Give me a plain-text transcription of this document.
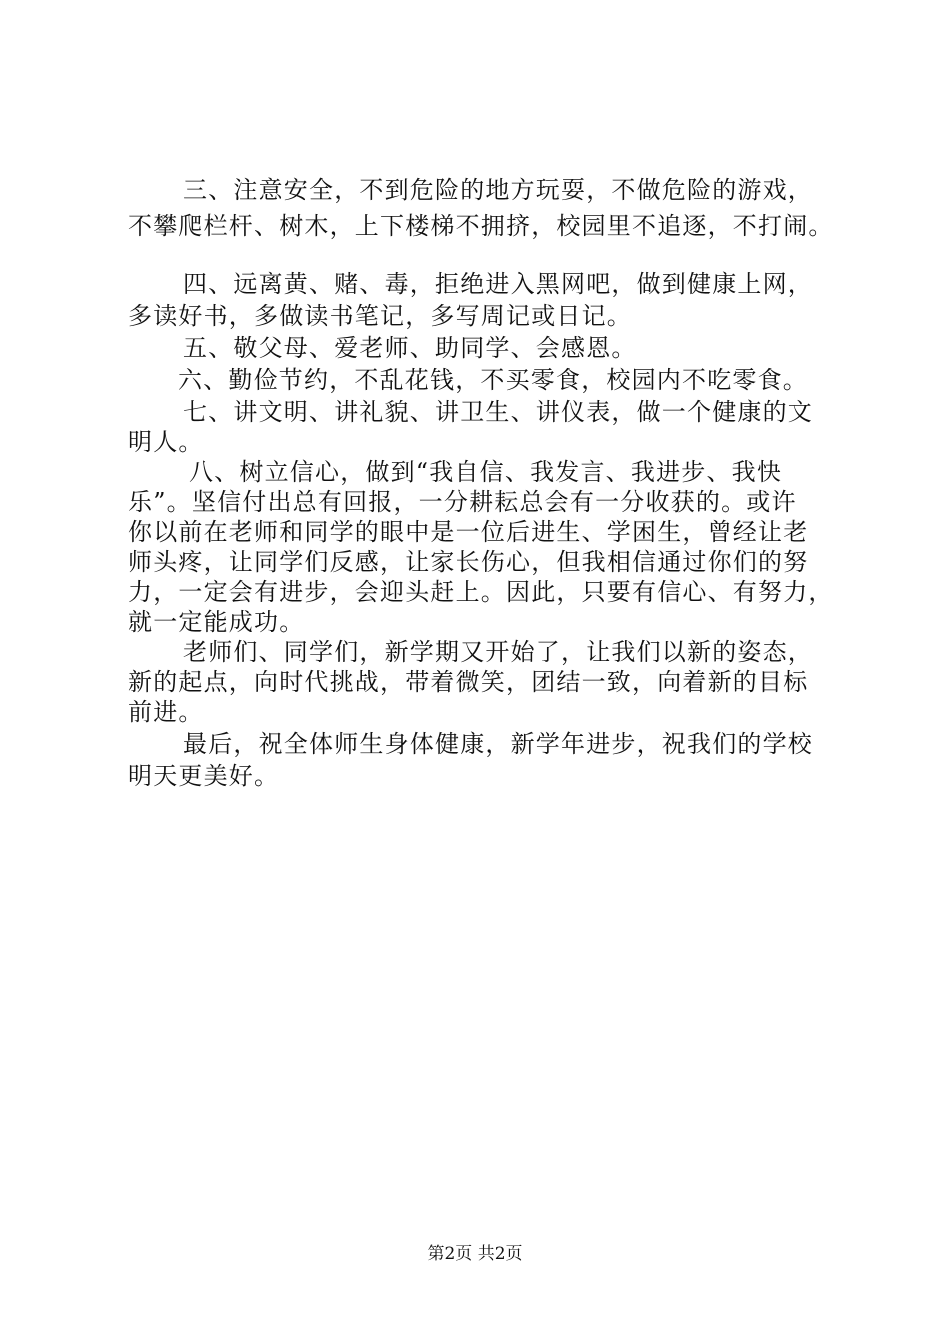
三、注意安全，不到危险的地方玩耍，不做危险的游戏，
不攀爬栏杆、树木，上下楼梯不拥挤，校园里不追逐，不打闹。
四、远离黄、赌、毒，拒绝进入黑网吧，做到健康上网，
多读好书，多做读书笔记，多写周记或日记。
五、敬父母、爱老师、助同学、会感恩。
六、勤俭节约，不乱花钱，不买零食，校园内不吃零食。
七、讲文明、讲礼貌、讲卫生、讲仪表，做一个健康的文
明人。
八、树立信心，做到“我自信、我发言、我进步、我快
乐”。坚信付出总有回报，一分耕耘总会有一分收获的。或许
你以前在老师和同学的眼中是一位后进生、学困生，曾经让老
师头疼，让同学们反感，让家长伤心，但我相信通过你们的努
力，一定会有进步，会迎头赶上。因此，只要有信心、有努力，
就一定能成功。
老师们、同学们，新学期又开始了，让我们以新的姿态，
新的起点，向时代挑战，带着微笑，团结一致，向着新的目标
前进。
最后，祝全体师生身体健康，新学年进步，祝我们的学校
明天更美好。
第2页 共2页
